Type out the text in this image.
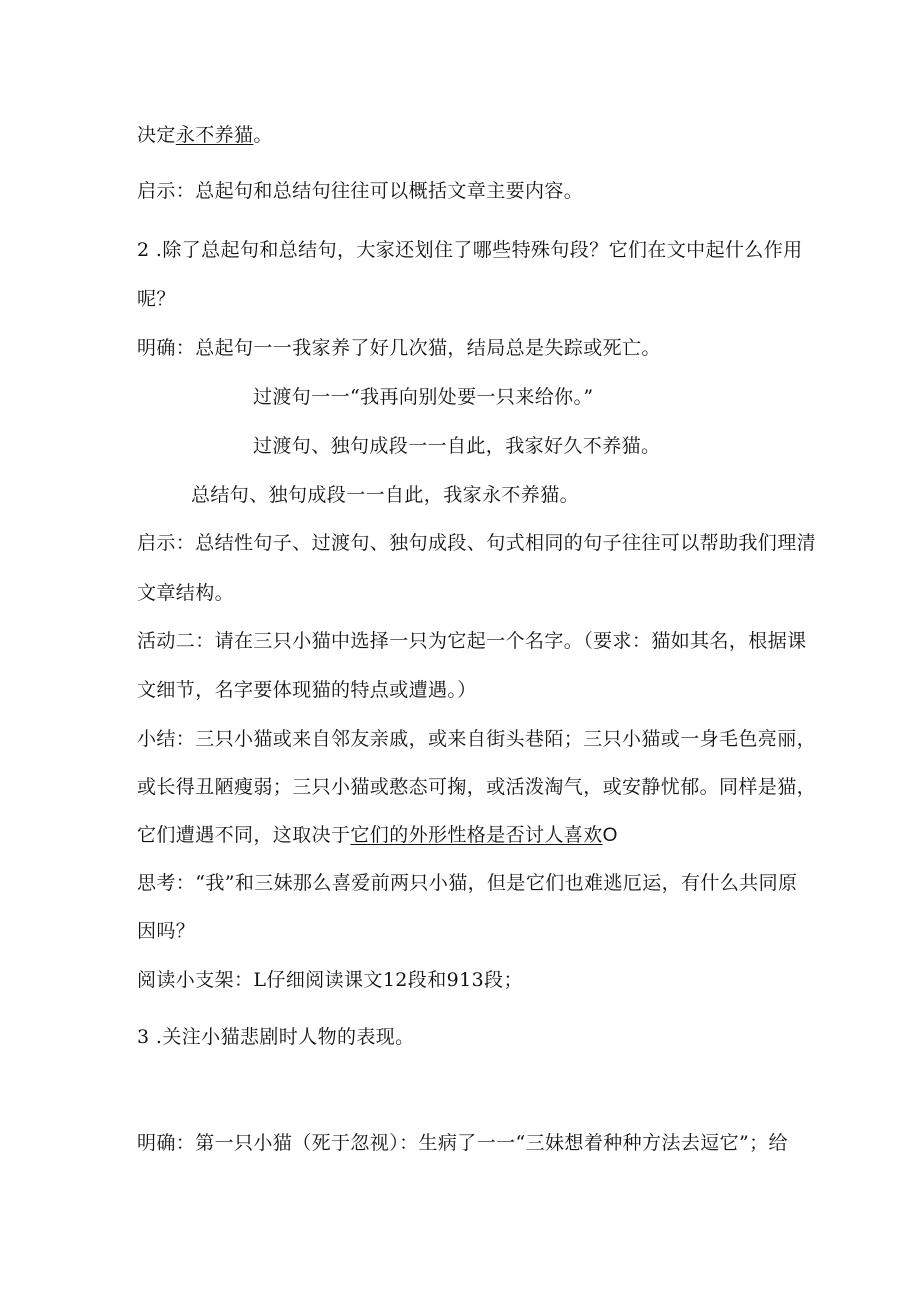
决定永不养猫。
启示：总起句和总结句往往可以概括文章主要内容。
2 .除了总起句和总结句，大家还划住了哪些特殊句段？它们在文中起什么作用
呢？
明确：总起句一一我家养了好几次猫，结局总是失踪或死亡。
过渡句一一“我再向别处要一只来给你。”
过渡句、独句成段一一自此，我家好久不养猫。
总结句、独句成段一一自此，我家永不养猫。
启示：总结性句子、过渡句、独句成段、句式相同的句子往往可以帮助我们理清
文章结构。
活动二：请在三只小猫中选择一只为它起一个名字。（要求：猫如其名，根据课
文细节，名字要体现猫的特点或遭遇。）
小结：三只小猫或来自邻友亲戚，或来自街头巷陌；三只小猫或一身毛色亮丽，
或长得丑陋瘦弱；三只小猫或憨态可掬，或活泼淘气，或安静忧郁。同样是猫，
它们遭遇不同，这取决于它们的外形性格是否讨人喜欢O
思考：“我”和三妹那么喜爱前两只小猫，但是它们也难逃厄运，有什么共同原
因吗？
阅读小支架：L仔细阅读课文12段和913段；
3 .关注小猫悲剧时人物的表现。
明确：第一只小猫（死于忽视）：生病了一一“三妹想着种种方法去逗它”；给
